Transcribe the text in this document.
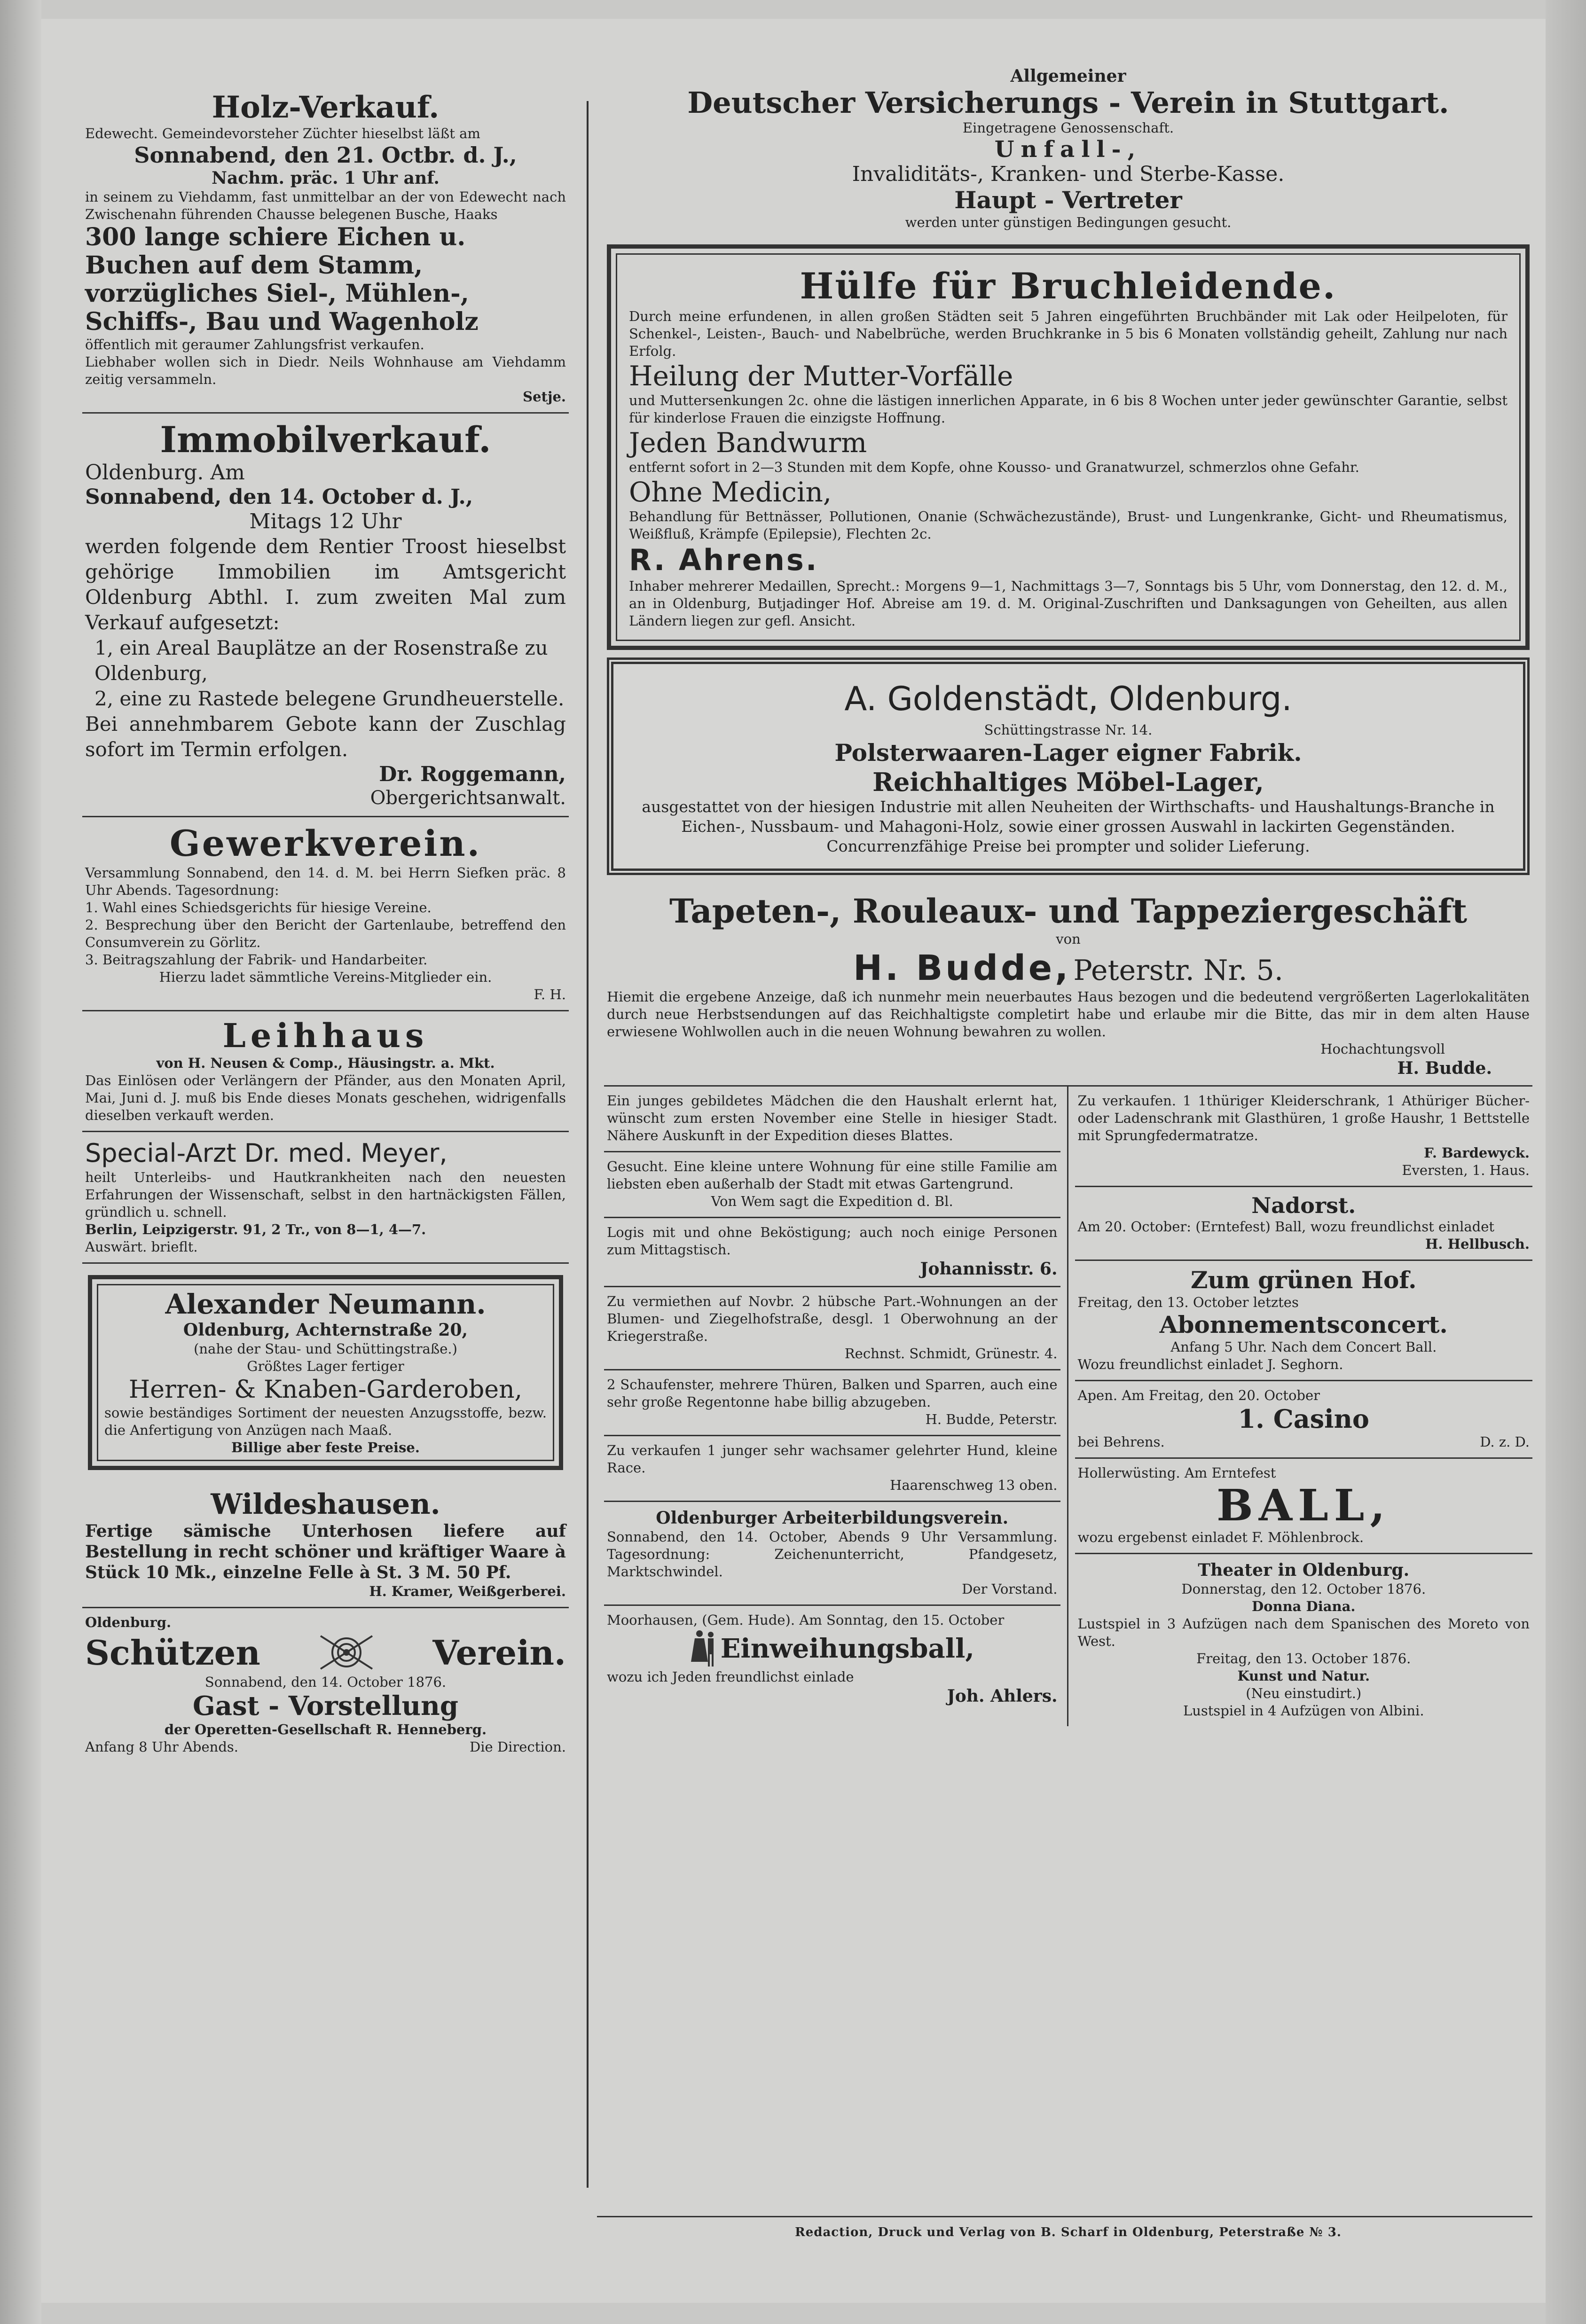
Holz-Verkauf.
Edewecht. Gemeindevorsteher Züchter hieselbst läßt am
Sonnabend, den 21. Octbr. d. J.,
Nachm. präc. 1 Uhr anf.
in seinem zu Viehdamm, fast unmittelbar an der von Edewecht nach Zwischenahn führenden Chausse belegenen Busche, Haaks
300 lange schiere Eichen u. Buchen auf dem Stamm, vorzügliches Siel-, Mühlen-, Schiffs-, Bau und Wagenholz
öffentlich mit geraumer Zahlungsfrist verkaufen.
Liebhaber wollen sich in Diedr. Neils Wohnhause am Viehdamm zeitig versammeln.
Setje.
Immobilverkauf.
Oldenburg. Am
Sonnabend, den 14. October d. J.,
Mitags 12 Uhr
werden folgende dem Rentier Troost hieselbst gehörige Immobilien im Amtsgericht Oldenburg Abthl. I. zum zweiten Mal zum Verkauf aufgesetzt:
1, ein Areal Bauplätze an der Rosenstraße zu Oldenburg,
2, eine zu Rastede belegene Grundheuerstelle.
Bei annehmbarem Gebote kann der Zuschlag sofort im Termin erfolgen.
Dr. Roggemann,
Obergerichtsanwalt.
Gewerkverein.
Versammlung Sonnabend, den 14. d. M. bei Herrn Siefken präc. 8 Uhr Abends. Tagesordnung:
1. Wahl eines Schiedsgerichts für hiesige Vereine.
2. Besprechung über den Bericht der Gartenlaube, betreffend den Consumverein zu Görlitz.
3. Beitragszahlung der Fabrik- und Handarbeiter.
Hierzu ladet sämmtliche Vereins-Mitglieder ein.
F. H.
Leihhaus
von H. Neusen & Comp., Häusingstr. a. Mkt.
Das Einlösen oder Verlängern der Pfänder, aus den Monaten April, Mai, Juni d. J. muß bis Ende dieses Monats geschehen, widrigenfalls dieselben verkauft werden.
Special-Arzt Dr. med. Meyer,
heilt Unterleibs- und Hautkrankheiten nach den neuesten Erfahrungen der Wissenschaft, selbst in den hartnäckigsten Fällen, gründlich u. schnell.
Berlin, Leipzigerstr. 91, 2 Tr., von 8—1, 4—7.
Auswärt. brieflt.
Alexander Neumann.
Oldenburg, Achternstraße 20,
(nahe der Stau- und Schüttingstraße.)
Größtes Lager fertiger
Herren- & Knaben-Garderoben,
sowie beständiges Sortiment der neuesten Anzugsstoffe, bezw. die Anfertigung von Anzügen nach Maaß.
Billige aber feste Preise.
Wildeshausen.
Fertige sämische Unterhosen liefere auf Bestellung in recht schöner und kräftiger Waare à Stück 10 Mk., einzelne Felle à St. 3 M. 50 Pf.
H. Kramer, Weißgerberei.
Oldenburg.
Schützen	Verein.
Sonnabend, den 14. October 1876.
Gast - Vorstellung
der Operetten-Gesellschaft R. Henneberg.
Anfang 8 Uhr Abends.	Die Direction.
Allgemeiner
Deutscher Versicherungs - Verein in Stuttgart.
Eingetragene Genossenschaft.
Unfall-,
Invaliditäts-, Kranken- und Sterbe-Kasse.
Haupt - Vertreter
werden unter günstigen Bedingungen gesucht.
Hülfe für Bruchleidende.
Durch meine erfundenen, in allen großen Städten seit 5 Jahren eingeführten Bruchbänder mit Lak oder Heilpeloten, für Schenkel-, Leisten-, Bauch- und Nabelbrüche, werden Bruchkranke in 5 bis 6 Monaten vollständig geheilt, Zahlung nur nach Erfolg.
Heilung der Mutter-Vorfälle
und Muttersenkungen 2c. ohne die lästigen innerlichen Apparate, in 6 bis 8 Wochen unter jeder gewünschter Garantie, selbst für kinderlose Frauen die einzigste Hoffnung.
Jeden Bandwurm
entfernt sofort in 2—3 Stunden mit dem Kopfe, ohne Kousso- und Granatwurzel, schmerzlos ohne Gefahr.
Ohne Medicin,
Behandlung für Bettnässer, Pollutionen, Onanie (Schwächezustände), Brust- und Lungenkranke, Gicht- und Rheumatismus, Weißfluß, Krämpfe (Epilepsie), Flechten 2c.
R. Ahrens.
Inhaber mehrerer Medaillen, Sprecht.: Morgens 9—1, Nachmittags 3—7, Sonntags bis 5 Uhr, vom Donnerstag, den 12. d. M., an in Oldenburg, Butjadinger Hof. Abreise am 19. d. M. Original-Zuschriften und Danksagungen von Geheilten, aus allen Ländern liegen zur gefl. Ansicht.
A. Goldenstädt, Oldenburg.
Schüttingstrasse Nr. 14.
Polsterwaaren-Lager eigner Fabrik.
Reichhaltiges Möbel-Lager,
ausgestattet von der hiesigen Industrie mit allen Neuheiten der Wirthschafts- und Haushaltungs-Branche in Eichen-, Nussbaum- und Mahagoni-Holz, sowie einer grossen Auswahl in lackirten Gegenständen. Concurrenzfähige Preise bei prompter und solider Lieferung.
Tapeten-, Rouleaux- und Tappeziergeschäft
von
H. Budde, Peterstr. Nr. 5.
Hiemit die ergebene Anzeige, daß ich nunmehr mein neuerbautes Haus bezogen und die bedeutend vergrößerten Lagerlokalitäten durch neue Herbstsendungen auf das Reichhaltigste completirt habe und erlaube mir die Bitte, das mir in dem alten Hause erwiesene Wohlwollen auch in die neuen Wohnung bewahren zu wollen.
Hochachtungsvoll
H. Budde.
Ein junges gebildetes Mädchen die den Haushalt erlernt hat, wünscht zum ersten November eine Stelle in hiesiger Stadt. Nähere Auskunft in der Expedition dieses Blattes.
Gesucht. Eine kleine untere Wohnung für eine stille Familie am liebsten eben außerhalb der Stadt mit etwas Gartengrund.
Von Wem sagt die Expedition d. Bl.
Logis mit und ohne Beköstigung; auch noch einige Personen zum Mittagstisch.
Johannisstr. 6.
Zu vermiethen auf Novbr. 2 hübsche Part.-Wohnungen an der Blumen- und Ziegelhofstraße, desgl. 1 Oberwohnung an der Kriegerstraße.
Rechnst. Schmidt, Grünestr. 4.
2 Schaufenster, mehrere Thüren, Balken und Sparren, auch eine sehr große Regentonne habe billig abzugeben.
H. Budde, Peterstr.
Zu verkaufen 1 junger sehr wachsamer gelehrter Hund, kleine Race.
Haarenschweg 13 oben.
Oldenburger Arbeiterbildungsverein.
Sonnabend, den 14. October, Abends 9 Uhr Versammlung. Tagesordnung: Zeichenunterricht, Pfandgesetz, Marktschwindel.
Der Vorstand.
Moorhausen, (Gem. Hude). Am Sonntag, den 15. October
Einweihungsball,
wozu ich Jeden freundlichst einlade
Joh. Ahlers.
Zu verkaufen. 1 1thüriger Kleiderschrank, 1 Athüriger Bücher- oder Ladenschrank mit Glasthüren, 1 große Haushr, 1 Bettstelle mit Sprungfedermatratze.
F. Bardewyck.
Eversten, 1. Haus.
Nadorst.
Am 20. October: (Erntefest) Ball, wozu freundlichst einladet
H. Hellbusch.
Zum grünen Hof.
Freitag, den 13. October letztes
Abonnementsconcert.
Anfang 5 Uhr. Nach dem Concert Ball.
Wozu freundlichst einladet J. Seghorn.
Apen. Am Freitag, den 20. October
1. Casino
bei Behrens.	D. z. D.
Hollerwüsting. Am Erntefest
BALL,
wozu ergebenst einladet F. Möhlenbrock.
Theater in Oldenburg.
Donnerstag, den 12. October 1876.
Donna Diana.
Lustspiel in 3 Aufzügen nach dem Spanischen des Moreto von West.
Freitag, den 13. October 1876.
Kunst und Natur.
(Neu einstudirt.)
Lustspiel in 4 Aufzügen von Albini.
Redaction, Druck und Verlag von B. Scharf in Oldenburg, Peterstraße № 3.
